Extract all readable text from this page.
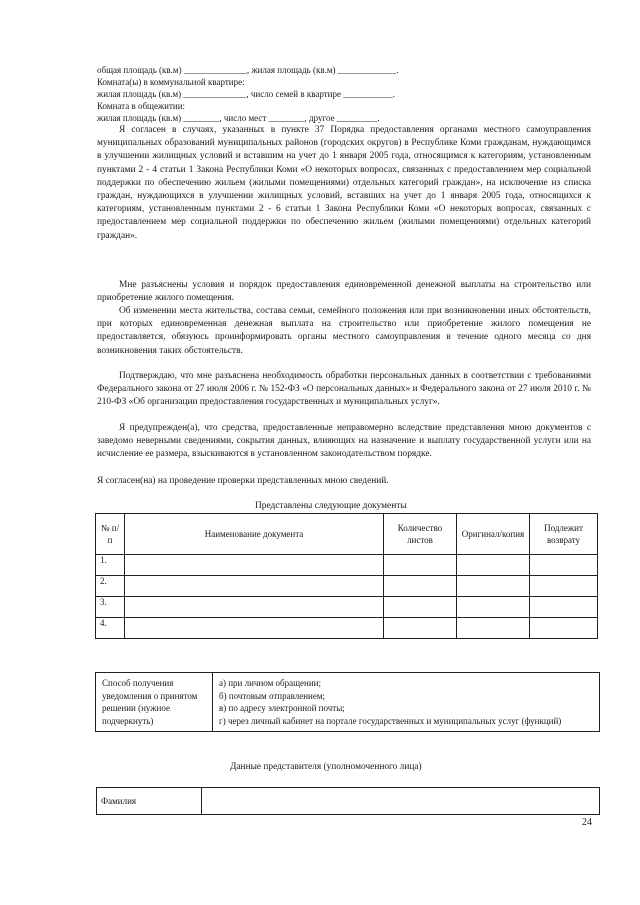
общая площадь (кв.м) ______________, жилая площадь (кв.м) _____________.
Комната(ы) в коммунальной квартире:
жилая площадь (кв.м) ______________, число семей в квартире ___________.
Комната в общежитии:
жилая площадь (кв.м) ________, число мест ________, другое _________.
Я согласен в случаях, указанных в пункте 37 Порядка предоставления органами местного самоуправления муниципальных образований муниципальных районов (городских округов) в Республике Коми гражданам, нуждающимся в улучшении жилищных условий и вставшим на учет до 1 января 2005 года, относящимся к категориям, установленным пунктами 2 - 4 статьи 1 Закона Республики Коми «О некоторых вопросах, связанных с предоставлением мер социальной поддержки по обеспечению жильем (жилыми помещениями) отдельных категорий граждан», на исключение из списка граждан, нуждающихся в улучшении жилищных условий, вставших на учет до 1 января 2005 года, относящихся к категориям, установленным пунктами 2 - 6 статьи 1 Закона Республики Коми «О некоторых вопросах, связанных с предоставлением мер социальной поддержки по обеспечению жильем (жилыми помещениями) отдельных категорий граждан».
Мне разъяснены условия и порядок предоставления единовременной денежной выплаты на строительство или приобретение жилого помещения.
Об изменении места жительства, состава семьи, семейного положения или при возникновении иных обстоятельств, при которых единовременная денежная выплата на строительство или приобретение жилого помещения не предоставляется, обязуюсь проинформировать органы местного самоуправления в течение одного месяца со дня возникновения таких обстоятельств.
Подтверждаю, что мне разъяснена необходимость обработки персональных данных в соответствии с требованиями Федерального закона от 27 июля 2006 г. № 152-ФЗ «О персональных данных» и Федерального закона от 27 июля 2010 г. № 210-ФЗ «Об организации предоставления государственных и муниципальных услуг».
Я предупрежден(а), что средства, предоставленные неправомерно вследствие представления мною документов с заведомо неверными сведениями, сокрытия данных, влияющих на назначение и выплату государственной услуги или на исчисление ее размера, взыскиваются в установленном законодательством порядке.
Я согласен(на) на проведение проверки представленных мною сведений.
Представлены следующие документы
№ п/п	Наименование документа	Количество листов	Оригинал/копия	Подлежит возврату
1.				
2.				
3.				
4.				
Способ получения уведомления о принятом решении (нужное подчеркнуть)	
а) при личном обращении;
б) почтовым отправлением;
в) по адресу электронной почты;
г) через личный кабинет на портале государственных и муниципальных услуг (функций)
Данные представителя (уполномоченного лица)
Фамилия	
24
